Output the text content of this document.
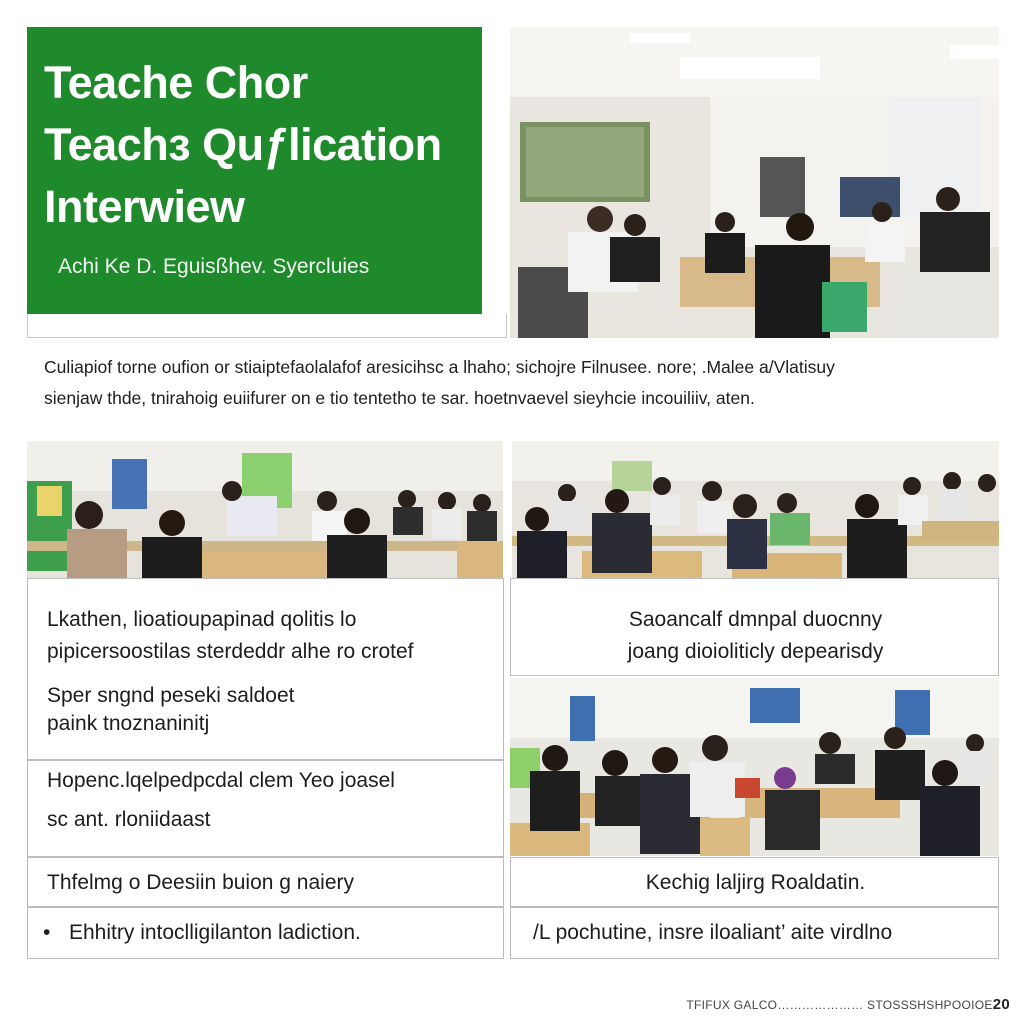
Teache Chor
Teachз Quƒlication
Interwiew
Achi Ke D. Eguisßhev. Syercluies
Culiapiof torne oufion or stiaiptefaolalafof aresicihsc a lhaho; sichojre Filnusee. nore; .Malee a/Vlatisuy
sienjaw thde, tnirahoig euiifurer on e tio tentetho te sar. hoetnvaevel sieyhcie incouiliiv, aten.
Lkathen, lioatioupapinad qolitis lo
pipicersoostilas sterdeddr alhe ro crotef
Sper sngnd peseki saldoet
paink tnoznaninitj
Hopenc.lqelpedpcdal clem Yeo joasel
sc ant. rloniidaast
Thfelmg o Deesiin buion g naiery
• Ehhitry intoclligilanton ladiction.
Saoancalf dmnpal duocnny
joang dioioliticly depearisdy
Kechig laljirg Roaldatin.
/L pochutine, insre iloaliant’ aite virdlno
TFIFUX GALCO………………… STOSSSHSHPOOIOE20
